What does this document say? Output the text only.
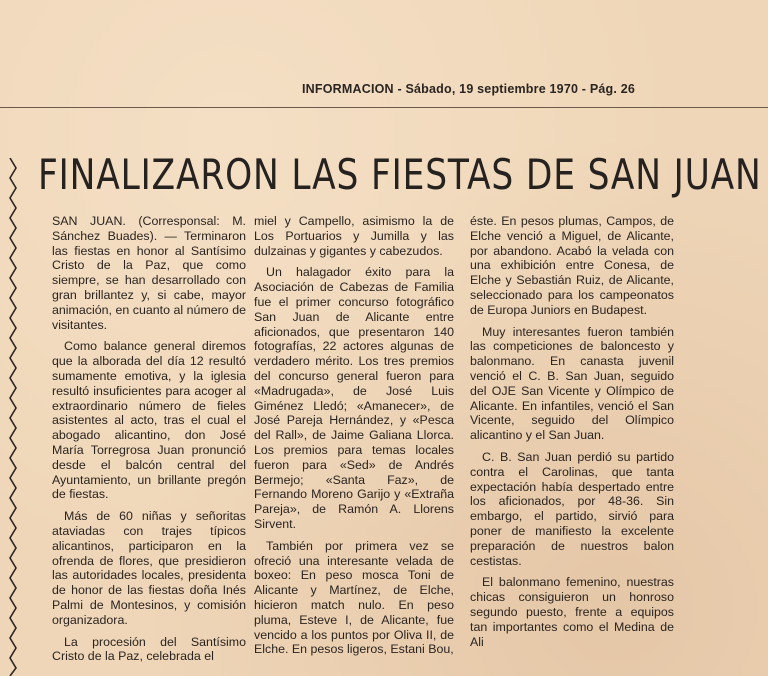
INFORMACION - Sábado, 19 septiembre 1970 - Pág. 26
FINALIZARON LAS FIESTAS DE SAN JUAN

SAN JUAN. (Corresponsal: M. Sánchez Buades). — Terminaron las fiestas en honor al Santísimo Cristo de la Paz, que como siempre, se han desarrollado con gran brillantez y, si cabe, mayor animación, en cuanto al número de visitantes.

Como balance general diremos que la alborada del día 12 resultó sumamente emotiva, y la iglesia resultó insuficientes para acoger al extraordinario número de fieles asistentes al acto, tras el cual el abogado alicantino, don José María Torregrosa Juan pronunció desde el balcón central del Ayuntamiento, un brillante pregón de fiestas.

Más de 60 niñas y señoritas ataviadas con trajes típicos alicantinos, participaron en la ofrenda de flores, que presidieron las autoridades locales, presidenta de honor de las fiestas doña Inés Palmi de Montesinos, y comisión organizadora.

La procesión del Santísimo Cristo de la Paz, celebrada el

miel y Campello, asimismo la de Los Portuarios y Jumilla y las dulzainas y gigantes y cabezudos.

Un halagador éxito para la Asociación de Cabezas de Familia fue el primer concurso fotográfico San Juan de Alicante entre aficionados, que presentaron 140 fotografías, 22 actores algunas de verdadero mérito. Los tres premios del concurso general fueron para «Madrugada», de José Luis Giménez Lledó; «Amanecer», de José Pareja Hernández, y «Pesca del Rall», de Jaime Galiana Llorca. Los premios para temas locales fueron para «Sed» de Andrés Bermejo; «Santa Faz», de Fernando Moreno Garijo y «Extraña Pareja», de Ramón A. Llorens Sirvent.

También por primera vez se ofreció una interesante velada de boxeo: En peso mosca Toni de Alicante y Martínez, de Elche, hicieron match nulo. En peso pluma, Esteve I, de Alicante, fue vencido a los puntos por Oliva II, de Elche. En pesos ligeros, Estani Bou,

éste. En pesos plumas, Campos, de Elche venció a Miguel, de Alicante, por abandono. Acabó la velada con una exhibición entre Conesa, de Elche y Sebastián Ruiz, de Alicante, seleccionado para los campeonatos de Europa Juniors en Budapest.

Muy interesantes fueron también las competiciones de baloncesto y balonmano. En canasta juvenil venció el C. B. San Juan, seguido del OJE San Vicente y Olímpico de Alicante. En infantiles, venció el San Vicente, seguido del Olímpico alicantino y el San Juan.

C. B. San Juan perdió su partido contra el Carolinas, que tanta expectación había despertado entre los aficionados, por 48-36. Sin embargo, el partido, sirvió para poner de manifiesto la excelente preparación de nuestros balon cestistas.

El balonmano femenino, nuestras chicas consiguieron un honroso segundo puesto, frente a equipos tan importantes como el Medina de Ali
